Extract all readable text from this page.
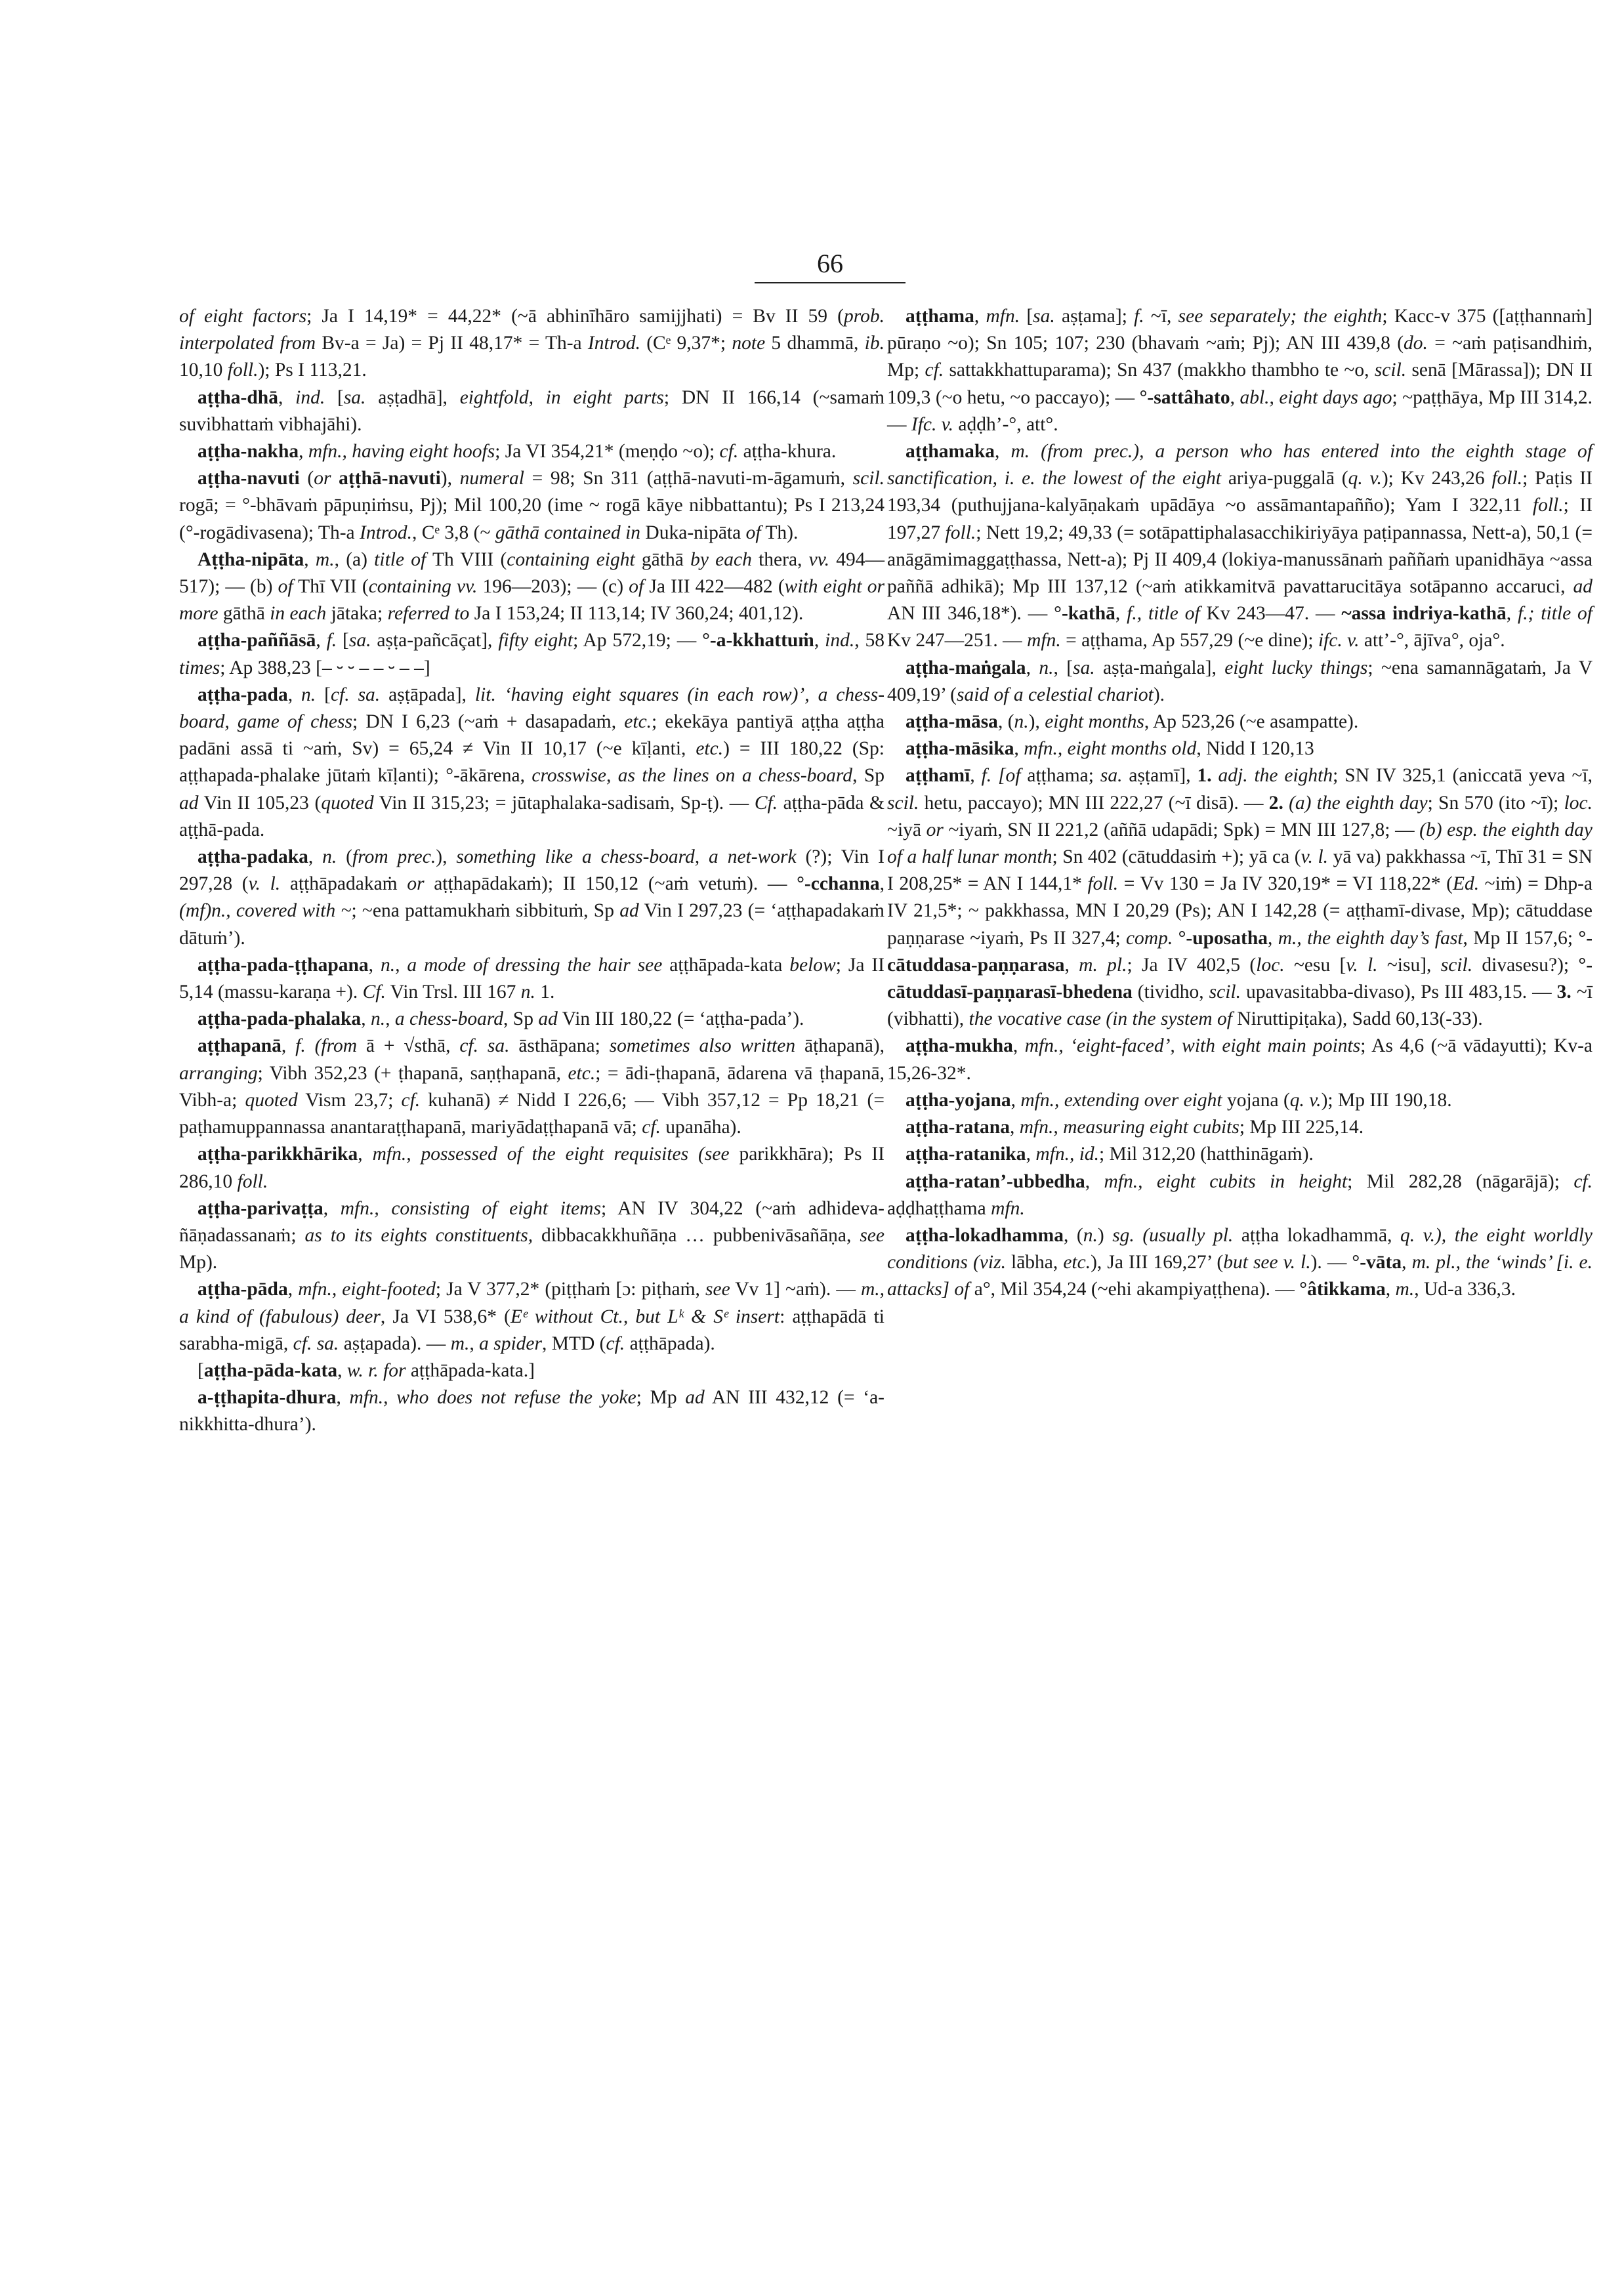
66

of eight factors; Ja I 14,19* = 44,22* (~ā abhinīhāro samijjhati) = Bv II 59 (prob. interpolated from Bv-a = Ja) = Pj II 48,17* = Th-a Introd. (Cᵉ 9,37*; note 5 dhammā, ib. 10,10 foll.); Ps I 113,21.

aṭṭha-dhā, ind. [sa. aṣṭadhā], eightfold, in eight parts; DN II 166,14 (~samaṁ suvibhattaṁ vibhajāhi).

aṭṭha-nakha, mfn., having eight hoofs; Ja VI 354,21* (meṇḍo ~o); cf. aṭṭha-khura.

aṭṭha-navuti (or aṭṭhā-navuti), numeral = 98; Sn 311 (aṭṭhā-navuti-m-āgamuṁ, scil. rogā; = °-bhāvaṁ pāpuṇiṁsu, Pj); Mil 100,20 (ime ~ rogā kāye nibbattantu); Ps I 213,24 (°-rogādivasena); Th-a Introd., Cᵉ 3,8 (~ gāthā contained in Duka-nipāta of Th).

Aṭṭha-nipāta, m., (a) title of Th VIII (containing eight gāthā by each thera, vv. 494—517); — (b) of Thī VII (containing vv. 196—203); — (c) of Ja III 422—482 (with eight or more gāthā in each jātaka; referred to Ja I 153,24; II 113,14; IV 360,24; 401,12).

aṭṭha-paññāsā, f. [sa. aṣṭa-pañcāçat], fifty eight; Ap 572,19; — °-a-kkhattuṁ, ind., 58 times; Ap 388,23 [– ⏑ ⏑ – – ⏑ – –]

aṭṭha-pada, n. [cf. sa. aṣṭāpada], lit. ‘having eight squares (in each row)’, a chess-board, game of chess; DN I 6,23 (~aṁ + dasapadaṁ, etc.; ekekāya pantiyā aṭṭha aṭṭha padāni assā ti ~aṁ, Sv) = 65,24 ≠ Vin II 10,17 (~e kīḷanti, etc.) = III 180,22 (Sp: aṭṭhapada-phalake jūtaṁ kīḷanti); °-ākārena, crosswise, as the lines on a chess-board, Sp ad Vin II 105,23 (quoted Vin II 315,23; = jūtaphalaka-sadisaṁ, Sp-ṭ). — Cf. aṭṭha-pāda & aṭṭhā-pada.

aṭṭha-padaka, n. (from prec.), something like a chess-board, a net-work (?); Vin I 297,28 (v. l. aṭṭhāpadakaṁ or aṭṭhapādakaṁ); II 150,12 (~aṁ vetuṁ). — °-cchanna, (mf)n., covered with ~; ~ena pattamukhaṁ sibbituṁ, Sp ad Vin I 297,23 (= ‘aṭṭhapadakaṁ dātuṁ’).

aṭṭha-pada-ṭṭhapana, n., a mode of dressing the hair see aṭṭhāpada-kata below; Ja II 5,14 (massu-karaṇa +). Cf. Vin Trsl. III 167 n. 1.

aṭṭha-pada-phalaka, n., a chess-board, Sp ad Vin III 180,22 (= ‘aṭṭha-pada’).

aṭṭhapanā, f. (from ā + √sthā, cf. sa. āsthāpana; sometimes also written āṭhapanā), arranging; Vibh 352,23 (+ ṭhapanā, saṇṭhapanā, etc.; = ādi-ṭhapanā, ādarena vā ṭhapanā, Vibh-a; quoted Vism 23,7; cf. kuhanā) ≠ Nidd I 226,6; — Vibh 357,12 = Pp 18,21 (= paṭhamuppannassa anantaraṭṭhapanā, mariyādaṭṭhapanā vā; cf. upanāha).

aṭṭha-parikkhārika, mfn., possessed of the eight requisites (see parikkhāra); Ps II 286,10 foll.

aṭṭha-parivaṭṭa, mfn., consisting of eight items; AN IV 304,22 (~aṁ adhideva-ñāṇadassanaṁ; as to its eights constituents, dibbacakkhuñāṇa … pubbenivāsañāṇa, see Mp).

aṭṭha-pāda, mfn., eight-footed; Ja V 377,2* (piṭṭhaṁ [ɔ: piṭhaṁ, see Vv 1] ~aṁ). — m., a kind of (fabulous) deer, Ja VI 538,6* (Eᵉ without Ct., but Lᵏ & Sᵉ insert: aṭṭhapādā ti sarabha-migā, cf. sa. aṣṭapada). — m., a spider, MTD (cf. aṭṭhāpada).

[aṭṭha-pāda-kata, w. r. for aṭṭhāpada-kata.]

a-ṭṭhapita-dhura, mfn., who does not refuse the yoke; Mp ad AN III 432,12 (= ‘a-nikkhitta-dhura’).

aṭṭhama, mfn. [sa. aṣṭama]; f. ~ī, see separately; the eighth; Kacc-v 375 ([aṭṭhannaṁ] pūraṇo ~o); Sn 105; 107; 230 (bhavaṁ ~aṁ; Pj); AN III 439,8 (do. = ~aṁ paṭisandhiṁ, Mp; cf. sattakkhattuparama); Sn 437 (makkho thambho te ~o, scil. senā [Mārassa]); DN II 109,3 (~o hetu, ~o paccayo); — °-sattâhato, abl., eight days ago; ~paṭṭhāya, Mp III 314,2. — Ifc. v. aḍḍh’-°, att°.

aṭṭhamaka, m. (from prec.), a person who has entered into the eighth stage of sanctification, i. e. the lowest of the eight ariya-puggalā (q. v.); Kv 243,26 foll.; Paṭis II 193,34 (puthujjana-kalyāṇakaṁ upādāya ~o assāmantapañño); Yam I 322,11 foll.; II 197,27 foll.; Nett 19,2; 49,33 (= sotāpattiphalasacchikiriyāya paṭipannassa, Nett-a), 50,1 (= anāgāmimaggaṭṭhassa, Nett-a); Pj II 409,4 (lokiya-manussānaṁ paññaṁ upanidhāya ~assa paññā adhikā); Mp III 137,12 (~aṁ atikkamitvā pavattarucitāya sotāpanno accaruci, ad AN III 346,18*). — °-kathā, f., title of Kv 243—47. — ~assa indriya-kathā, f.; title of Kv 247—251. — mfn. = aṭṭhama, Ap 557,29 (~e dine); ifc. v. att’-°, ājīva°, oja°.

aṭṭha-maṅgala, n., [sa. aṣṭa-maṅgala], eight lucky things; ~ena samannāgataṁ, Ja V 409,19’ (said of a celestial chariot).

aṭṭha-māsa, (n.), eight months, Ap 523,26 (~e asampatte).

aṭṭha-māsika, mfn., eight months old, Nidd I 120,13

aṭṭhamī, f. [of aṭṭhama; sa. aṣṭamī], 1. adj. the eighth; SN IV 325,1 (aniccatā yeva ~ī, scil. hetu, paccayo); MN III 222,27 (~ī disā). — 2. (a) the eighth day; Sn 570 (ito ~ī); loc. ~iyā or ~iyaṁ, SN II 221,2 (aññā udapādi; Spk) = MN III 127,8; — (b) esp. the eighth day of a half lunar month; Sn 402 (cātuddasiṁ +); yā ca (v. l. yā va) pakkhassa ~ī, Thī 31 = SN I 208,25* = AN I 144,1* foll. = Vv 130 = Ja IV 320,19* = VI 118,22* (Ed. ~iṁ) = Dhp-a IV 21,5*; ~ pakkhassa, MN I 20,29 (Ps); AN I 142,28 (= aṭṭhamī-divase, Mp); cātuddase paṇṇarase ~iyaṁ, Ps II 327,4; comp. °-uposatha, m., the eighth day’s fast, Mp II 157,6; °-cātuddasa-paṇṇarasa, m. pl.; Ja IV 402,5 (loc. ~esu [v. l. ~isu], scil. divasesu?); °-cātuddasī-paṇṇarasī-bhedena (tividho, scil. upavasitabba-divaso), Ps III 483,15. — 3. ~ī (vibhatti), the vocative case (in the system of Niruttipiṭaka), Sadd 60,13(-33).

aṭṭha-mukha, mfn., ‘eight-faced’, with eight main points; As 4,6 (~ā vādayutti); Kv-a 15,26-32*.

aṭṭha-yojana, mfn., extending over eight yojana (q. v.); Mp III 190,18.

aṭṭha-ratana, mfn., measuring eight cubits; Mp III 225,14.

aṭṭha-ratanika, mfn., id.; Mil 312,20 (hatthināgaṁ).

aṭṭha-ratan’-ubbedha, mfn., eight cubits in height; Mil 282,28 (nāgarājā); cf. aḍḍhaṭṭhama mfn.

aṭṭha-lokadhamma, (n.) sg. (usually pl. aṭṭha lokadhammā, q. v.), the eight worldly conditions (viz. lābha, etc.), Ja III 169,27’ (but see v. l.). — °-vāta, m. pl., the ‘winds’ [i. e. attacks] of a°, Mil 354,24 (~ehi akampiyaṭṭhena). — °âtikkama, m., Ud-a 336,3.
